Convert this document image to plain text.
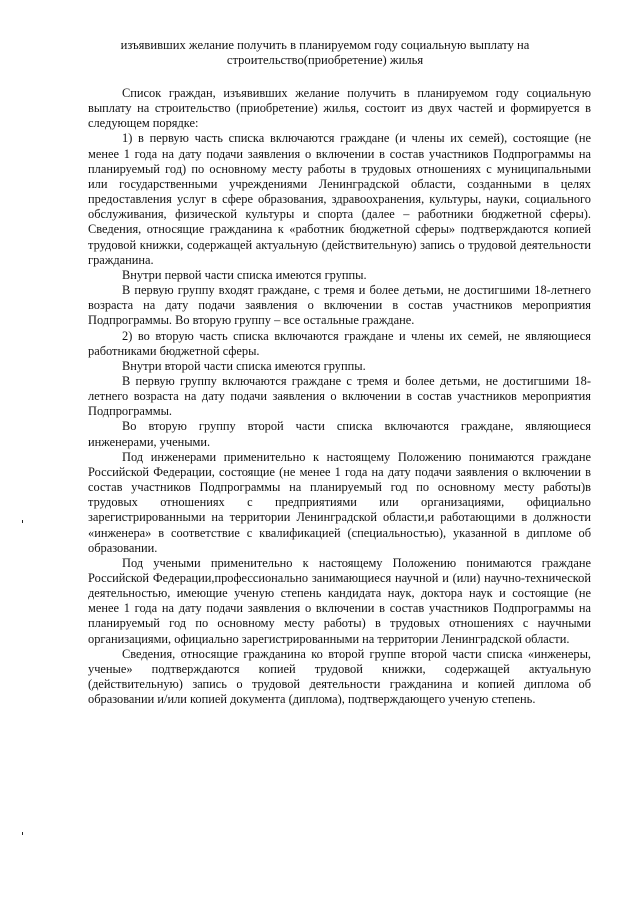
изъявивших желание получить в планируемом году социальную выплату на
строительство(приобретение) жилья

Список граждан, изъявивших желание получить в планируемом году социальную выплату на строительство (приобретение) жилья, состоит из двух частей и формируется в следующем порядке:

1) в первую часть списка включаются граждане (и члены их семей), состоящие (не менее 1 года на дату подачи заявления о включении в состав участников Подпрограммы на планируемый год) по основному месту работы в трудовых отношениях с муниципальными или государственными учреждениями Ленинградской области, созданными в целях предоставления услуг в сфере образования, здравоохранения, культуры, науки, социального обслуживания, физической культуры и спорта (далее – работники бюджетной сферы). Сведения, относящие гражданина к «работник бюджетной сферы» подтверждаются копией трудовой книжки, содержащей актуальную (действительную) запись о трудовой деятельности гражданина.

Внутри первой части списка имеются группы.

В первую группу входят граждане, с тремя и более детьми, не достигшими 18-летнего возраста на дату подачи заявления о включении в состав участников мероприятия Подпрограммы. Во вторую группу – все остальные граждане.

2) во вторую часть списка включаются граждане и члены их семей, не являющиеся работниками бюджетной сферы.

Внутри второй части списка имеются группы.

В первую группу включаются граждане с тремя и более детьми, не достигшими 18-летнего возраста на дату подачи заявления о включении в состав участников мероприятия Подпрограммы.

Во вторую группу второй части списка включаются граждане, являющиеся инженерами, учеными.

Под инженерами применительно к настоящему Положению понимаются граждане Российской Федерации, состоящие (не менее 1 года на дату подачи заявления о включении в состав участников Подпрограммы на планируемый год по основному месту работы)в трудовых отношениях с предприятиями или организациями, официально зарегистрированными на территории Ленинградской области,и работающими в должности «инженера» в соответствие с квалификацией (специальностью), указанной в дипломе об образовании.

Под учеными применительно к настоящему Положению понимаются граждане Российской Федерации,профессионально занимающиеся научной и (или) научно-технической деятельностью, имеющие ученую степень кандидата наук, доктора наук и состоящие (не менее 1 года на дату подачи заявления о включении в состав участников Подпрограммы на планируемый год по основному месту работы) в трудовых отношениях с научными организациями, официально зарегистрированными на территории Ленинградской области.

Сведения, относящие гражданина ко второй группе второй части списка «инженеры, ученые» подтверждаются копией трудовой книжки, содержащей актуальную (действительную) запись о трудовой деятельности гражданина и копией диплома об образовании и/или копией документа (диплома), подтверждающего ученую степень.
